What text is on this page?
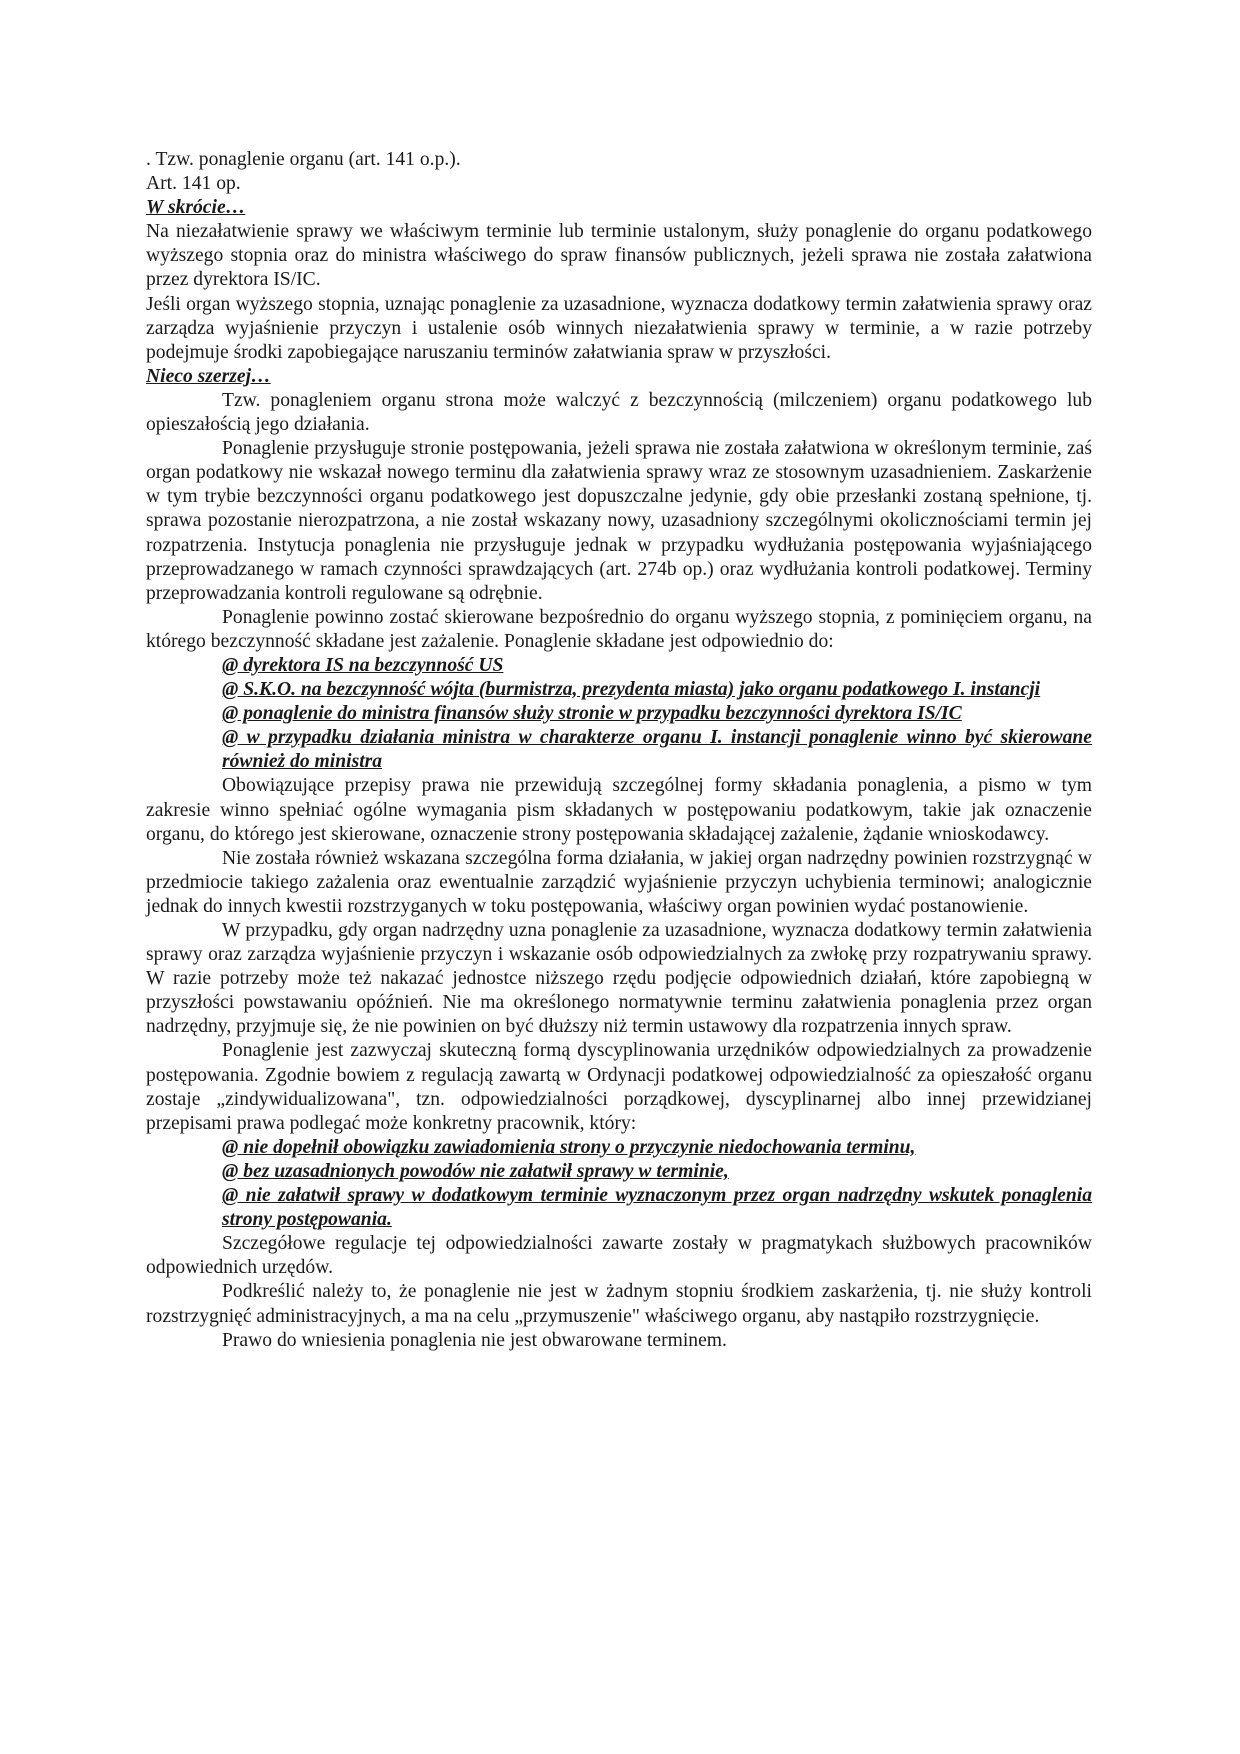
. Tzw. ponaglenie organu (art. 141 o.p.).

Art. 141 op.

W skrócie…

Na niezałatwienie sprawy we właściwym terminie lub terminie ustalonym, służy ponaglenie do organu podatkowego wyższego stopnia oraz do ministra właściwego do spraw finansów publicznych, jeżeli sprawa nie została załatwiona przez dyrektora IS/IC.

Jeśli organ wyższego stopnia, uznając ponaglenie za uzasadnione, wyznacza dodatkowy termin załatwienia sprawy oraz zarządza wyjaśnienie przyczyn i ustalenie osób winnych niezałatwienia sprawy w terminie, a w razie potrzeby podejmuje środki zapobiegające naruszaniu terminów załatwiania spraw w przyszłości.

Nieco szerzej…

Tzw. ponagleniem organu strona może walczyć z bezczynnością (milczeniem) organu podatkowego lub opieszałością jego działania.

Ponaglenie przysługuje stronie postępowania, jeżeli sprawa nie została załatwiona w określonym terminie, zaś organ podatkowy nie wskazał nowego terminu dla załatwienia sprawy wraz ze stosownym uzasadnieniem. Zaskarżenie w tym trybie bezczynności organu podatkowego jest dopuszczalne jedynie, gdy obie przesłanki zostaną spełnione, tj. sprawa pozostanie nierozpatrzona, a nie został wskazany nowy, uzasadniony szczególnymi okolicznościami termin jej rozpatrzenia. Instytucja ponaglenia nie przysługuje jednak w przypadku wydłużania postępowania wyjaśniającego przeprowadzanego w ramach czynności sprawdzających (art. 274b op.) oraz wydłużania kontroli podatkowej. Terminy przeprowadzania kontroli regulowane są odrębnie.

Ponaglenie powinno zostać skierowane bezpośrednio do organu wyższego stopnia, z pominięciem organu, na którego bezczynność składane jest zażalenie. Ponaglenie składane jest odpowiednio do:

@ dyrektora IS na bezczynność US
@ S.K.O. na bezczynność wójta (burmistrza, prezydenta miasta) jako organu podatkowego I. instancji
@ ponaglenie do ministra finansów służy stronie w przypadku bezczynności dyrektora IS/IC
@ w przypadku działania ministra w charakterze organu I. instancji ponaglenie winno być skierowane również do ministra

Obowiązujące przepisy prawa nie przewidują szczególnej formy składania ponaglenia, a pismo w tym zakresie winno spełniać ogólne wymagania pism składanych w postępowaniu podatkowym, takie jak oznaczenie organu, do którego jest skierowane, oznaczenie strony postępowania składającej zażalenie, żądanie wnioskodawcy.

Nie została również wskazana szczególna forma działania, w jakiej organ nadrzędny powinien rozstrzygnąć w przedmiocie takiego zażalenia oraz ewentualnie zarządzić wyjaśnienie przyczyn uchybienia terminowi; analogicznie jednak do innych kwestii rozstrzyganych w toku postępowania, właściwy organ powinien wydać postanowienie.

W przypadku, gdy organ nadrzędny uzna ponaglenie za uzasadnione, wyznacza dodatkowy termin załatwienia sprawy oraz zarządza wyjaśnienie przyczyn i wskazanie osób odpowiedzialnych za zwłokę przy rozpatrywaniu sprawy. W razie potrzeby może też nakazać jednostce niższego rzędu podjęcie odpowiednich działań, które zapobiegną w przyszłości powstawaniu opóźnień. Nie ma określonego normatywnie terminu załatwienia ponaglenia przez organ nadrzędny, przyjmuje się, że nie powinien on być dłuższy niż termin ustawowy dla rozpatrzenia innych spraw.

Ponaglenie jest zazwyczaj skuteczną formą dyscyplinowania urzędników odpowiedzialnych za prowadzenie postępowania. Zgodnie bowiem z regulacją zawartą w Ordynacji podatkowej odpowiedzialność za opieszałość organu zostaje „zindywidualizowana", tzn. odpowiedzialności porządkowej, dyscyplinarnej albo innej przewidzianej przepisami prawa podlegać może konkretny pracownik, który:

@ nie dopełnił obowiązku zawiadomienia strony o przyczynie niedochowania terminu,
@ bez uzasadnionych powodów nie załatwił sprawy w terminie,
@ nie załatwił sprawy w dodatkowym terminie wyznaczonym przez organ nadrzędny wskutek ponaglenia strony postępowania.

Szczegółowe regulacje tej odpowiedzialności zawarte zostały w pragmatykach służbowych pracowników odpowiednich urzędów.

Podkreślić należy to, że ponaglenie nie jest w żadnym stopniu środkiem zaskarżenia, tj. nie służy kontroli rozstrzygnięć administracyjnych, a ma na celu „przymuszenie" właściwego organu, aby nastąpiło rozstrzygnięcie.

Prawo do wniesienia ponaglenia nie jest obwarowane terminem.
